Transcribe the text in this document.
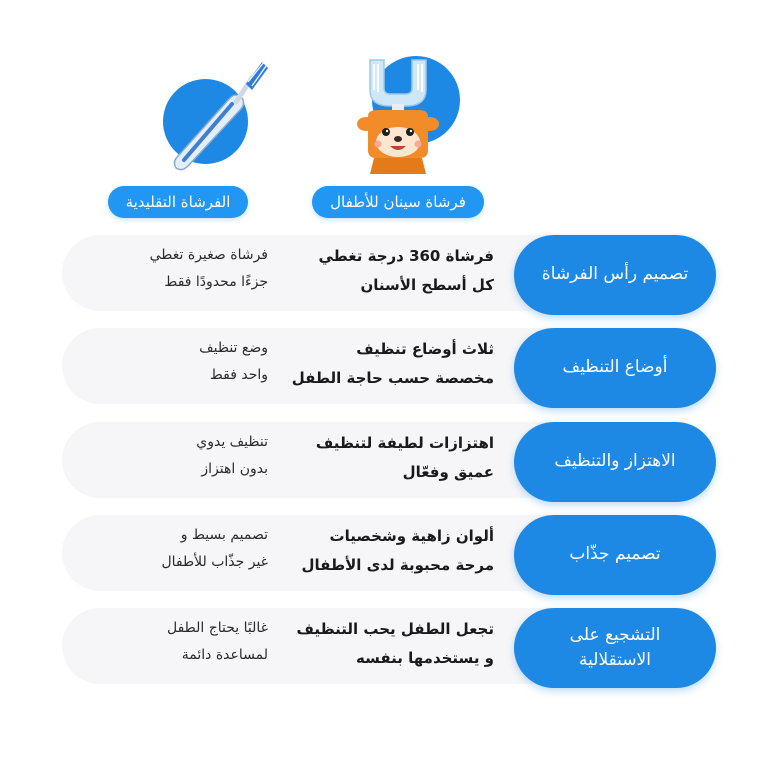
فرشاة سينان للأطفال
الفرشاة التقليدية
تصميم رأس الفرشاة
فرشاة 360 درجة تغطي
كل أسطح الأسنان
فرشاة صغيرة تغطي
جزءًا محدودًا فقط
أوضاع التنظيف
ثلاث أوضاع تنظيف
مخصصة حسب حاجة الطفل
وضع تنظيف
واحد فقط
الاهتزاز والتنظيف
اهتزازات لطيفة لتنظيف
عميق وفعّال
تنظيف يدوي
بدون اهتزاز
تصميم جذّاب
ألوان زاهية وشخصيات
مرحة محبوبة لدى الأطفال
تصميم بسيط و
غير جذّاب للأطفال
التشجيع على
الاستقلالية
تجعل الطفل يحب التنظيف
و يستخدمها بنفسه
غالبًا يحتاج الطفل
لمساعدة دائمة
